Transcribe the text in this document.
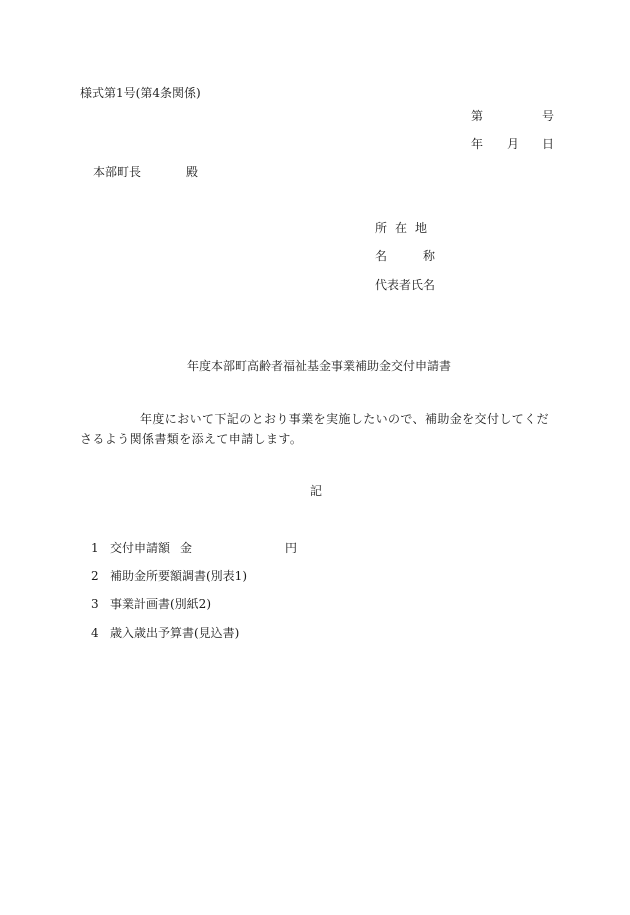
様式第1号(第4条関係)
第	号
年 月 日
本部町長	殿
所在地
名	称
代表者氏名
年度本部町高齢者福祉基金事業補助金交付申請書
年度において下記のとおり事業を実施したいので、補助金を交付してくださるよう関係書類を添えて申請します。
記
1 交付申請額 金	円
2 補助金所要額調書(別表1)
3 事業計画書(別紙2)
4 歳入歳出予算書(見込書)
